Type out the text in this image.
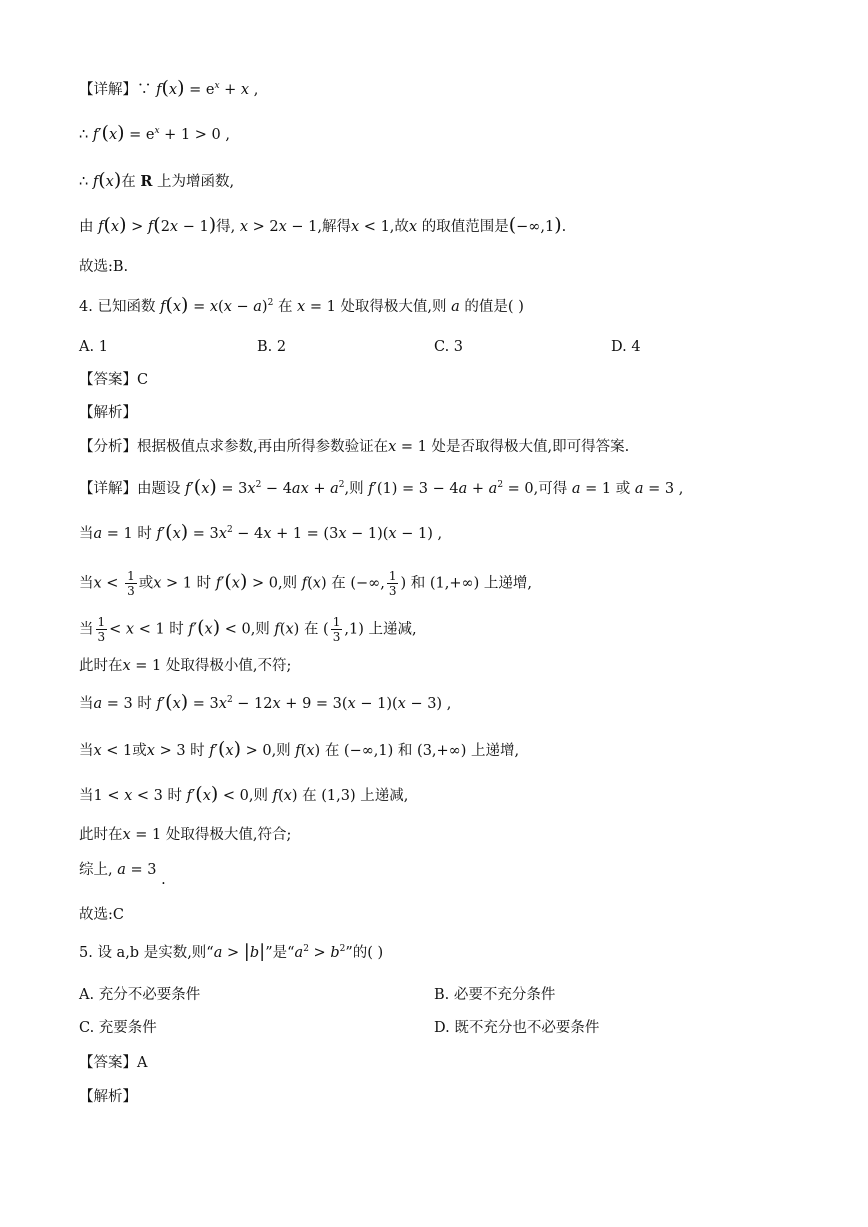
【详解】∵ $f(x) = e^x + x$ ,
∴ $f'(x) = e^x + 1 > 0$ ,
∴ f(x)在 R 上为增函数,
由 f(x) > f(2x − 1)得, x > 2x − 1,解得x < 1,故x 的取值范围是(−∞,1).
故选:B.
4. 已知函数 $f(x) = x(x - a)^2$ 在 x = 1 处取得极大值,则 a 的值是( )
A. 1	B. 2	C. 3	D. 4
【答案】C
【解析】
【分析】根据极值点求参数,再由所得参数验证在x = 1 处是否取得极大值,即可得答案.
【详解】由题设 $f'(x) = 3x^2 - 4ax + a^2$,则 $f'(1) = 3 - 4a + a^2 = 0$,可得 a = 1 或 a = 3 ,
当a = 1 时 $f'(x) = 3x^2 - 4x + 1 = (3x - 1)(x - 1)$ ,
当$x < \frac{1}{3}$ 或x > 1 时 f′(x) > 0,则 f(x) 在 (−∞, $\frac{1}{3}$ ) 和 (1,+∞) 上递增,
当 $\frac{1}{3} < x < 1$ 时 f′(x) < 0,则 f(x) 在 ( $\frac{1}{3} ,1$) 上递减,
此时在x = 1 处取得极小值,不符;
当a = 3 时 $f'(x) = 3x^2 - 12x + 9 = 3(x - 1)(x - 3)$ ,
当x < 1或x > 3 时 f′(x) > 0,则 f(x) 在 (−∞,1) 和 (3,+∞) 上递增,
当1 < x < 3 时 f′(x) < 0,则 f(x) 在 (1,3) 上递减,
此时在x = 1 处取得极大值,符合;
综上, a = 3 .
故选:C
5. 设 a,b 是实数,则“a > |b|”是“$a^2 > b^2$”的( )
A. 充分不必要条件	B. 必要不充分条件
C. 充要条件	D. 既不充分也不必要条件
【答案】A
【解析】
